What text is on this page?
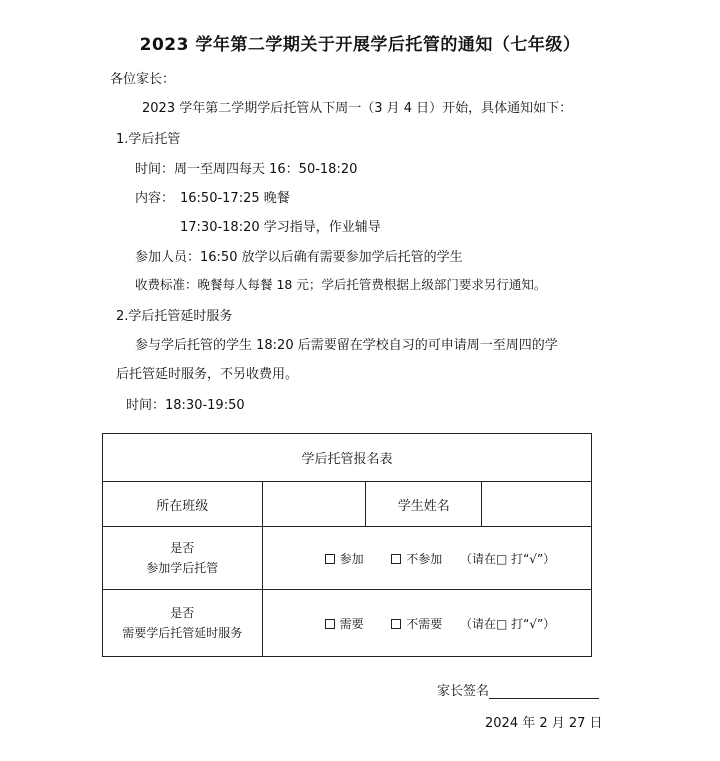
2023 学年第二学期关于开展学后托管的通知（七年级）
各位家长：
2023 学年第二学期学后托管从下周一（3 月 4 日）开始，具体通知如下：
1.学后托管
时间：周一至周四每天 16：50-18:20
内容： 16:50-17:25 晚餐
17:30-18:20 学习指导，作业辅导
参加人员：16:50 放学以后确有需要参加学后托管的学生
收费标准：晚餐每人每餐 18 元；学后托管费根据上级部门要求另行通知。
2.学后托管延时服务
参与学后托管的学生 18:20 后需要留在学校自习的可申请周一至周四的学
后托管延时服务，不另收费用。
时间：18:30-19:50
学后托管报名表			
所在班级		学生姓名	

是否
参加学后托管	参加 不参加 （请在□ 打“√”）		

是否
需要学后托管延时服务	需要 不需要 （请在□ 打“√”）		
家长签名
2024 年 2 月 27 日
